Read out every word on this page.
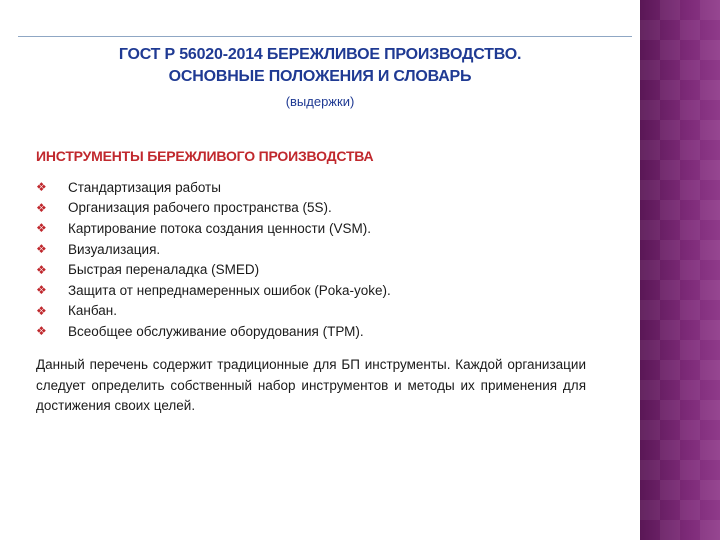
ГОСТ Р 56020-2014 БЕРЕЖЛИВОЕ ПРОИЗВОДСТВО.
ОСНОВНЫЕ ПОЛОЖЕНИЯ И СЛОВАРЬ
(выдержки)
ИНСТРУМЕНТЫ БЕРЕЖЛИВОГО ПРОИЗВОДСТВА
❖	Стандартизация работы
❖	Организация рабочего пространства (5S).
❖	Картирование потока создания ценности (VSM).
❖	Визуализация.
❖	Быстрая переналадка (SMED)
❖	Защита от непреднамеренных ошибок (Poka-yoke).
❖	Канбан.
❖	Всеобщее обслуживание оборудования (ТРМ).

Данный перечень содержит традиционные для БП инструменты. Каждой организации следует определить собственный набор инструментов и методы их применения для достижения своих целей.
